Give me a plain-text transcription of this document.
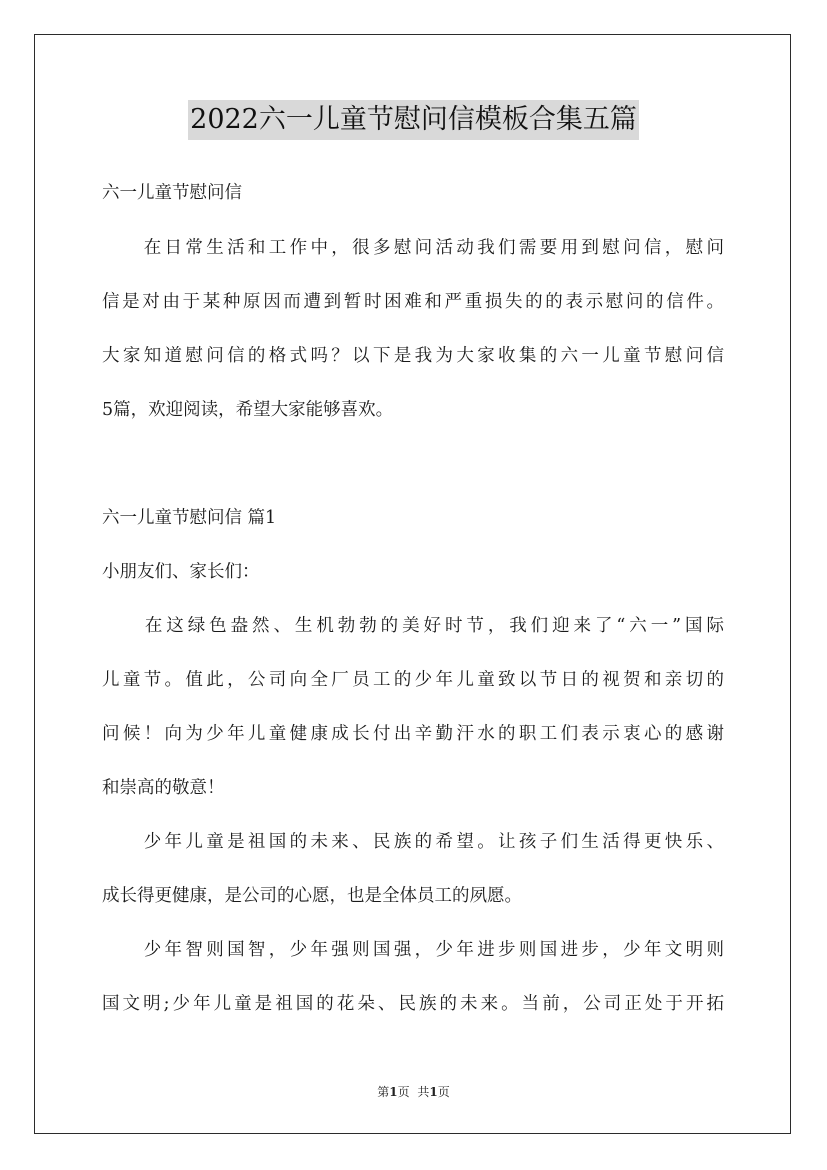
2022六一儿童节慰问信模板合集五篇
六一儿童节慰问信
　　在日常生活和工作中，很多慰问活动我们需要用到慰问信，慰问
信是对由于某种原因而遭到暂时困难和严重损失的的表示慰问的信件。
大家知道慰问信的格式吗？以下是我为大家收集的六一儿童节慰问信
5篇，欢迎阅读，希望大家能够喜欢。
六一儿童节慰问信 篇1
小朋友们、家长们：
　　在这绿色盎然、生机勃勃的美好时节，我们迎来了“六一”国际
儿童节。值此，公司向全厂员工的少年儿童致以节日的视贺和亲切的
问候！向为少年儿童健康成长付出辛勤汗水的职工们表示衷心的感谢
和崇高的敬意！
　　少年儿童是祖国的未来、民族的希望。让孩子们生活得更快乐、
成长得更健康，是公司的心愿，也是全体员工的夙愿。
　　少年智则国智，少年强则国强，少年进步则国进步，少年文明则
国文明;少年儿童是祖国的花朵、民族的未来。当前，公司正处于开拓
第1页 共1页
